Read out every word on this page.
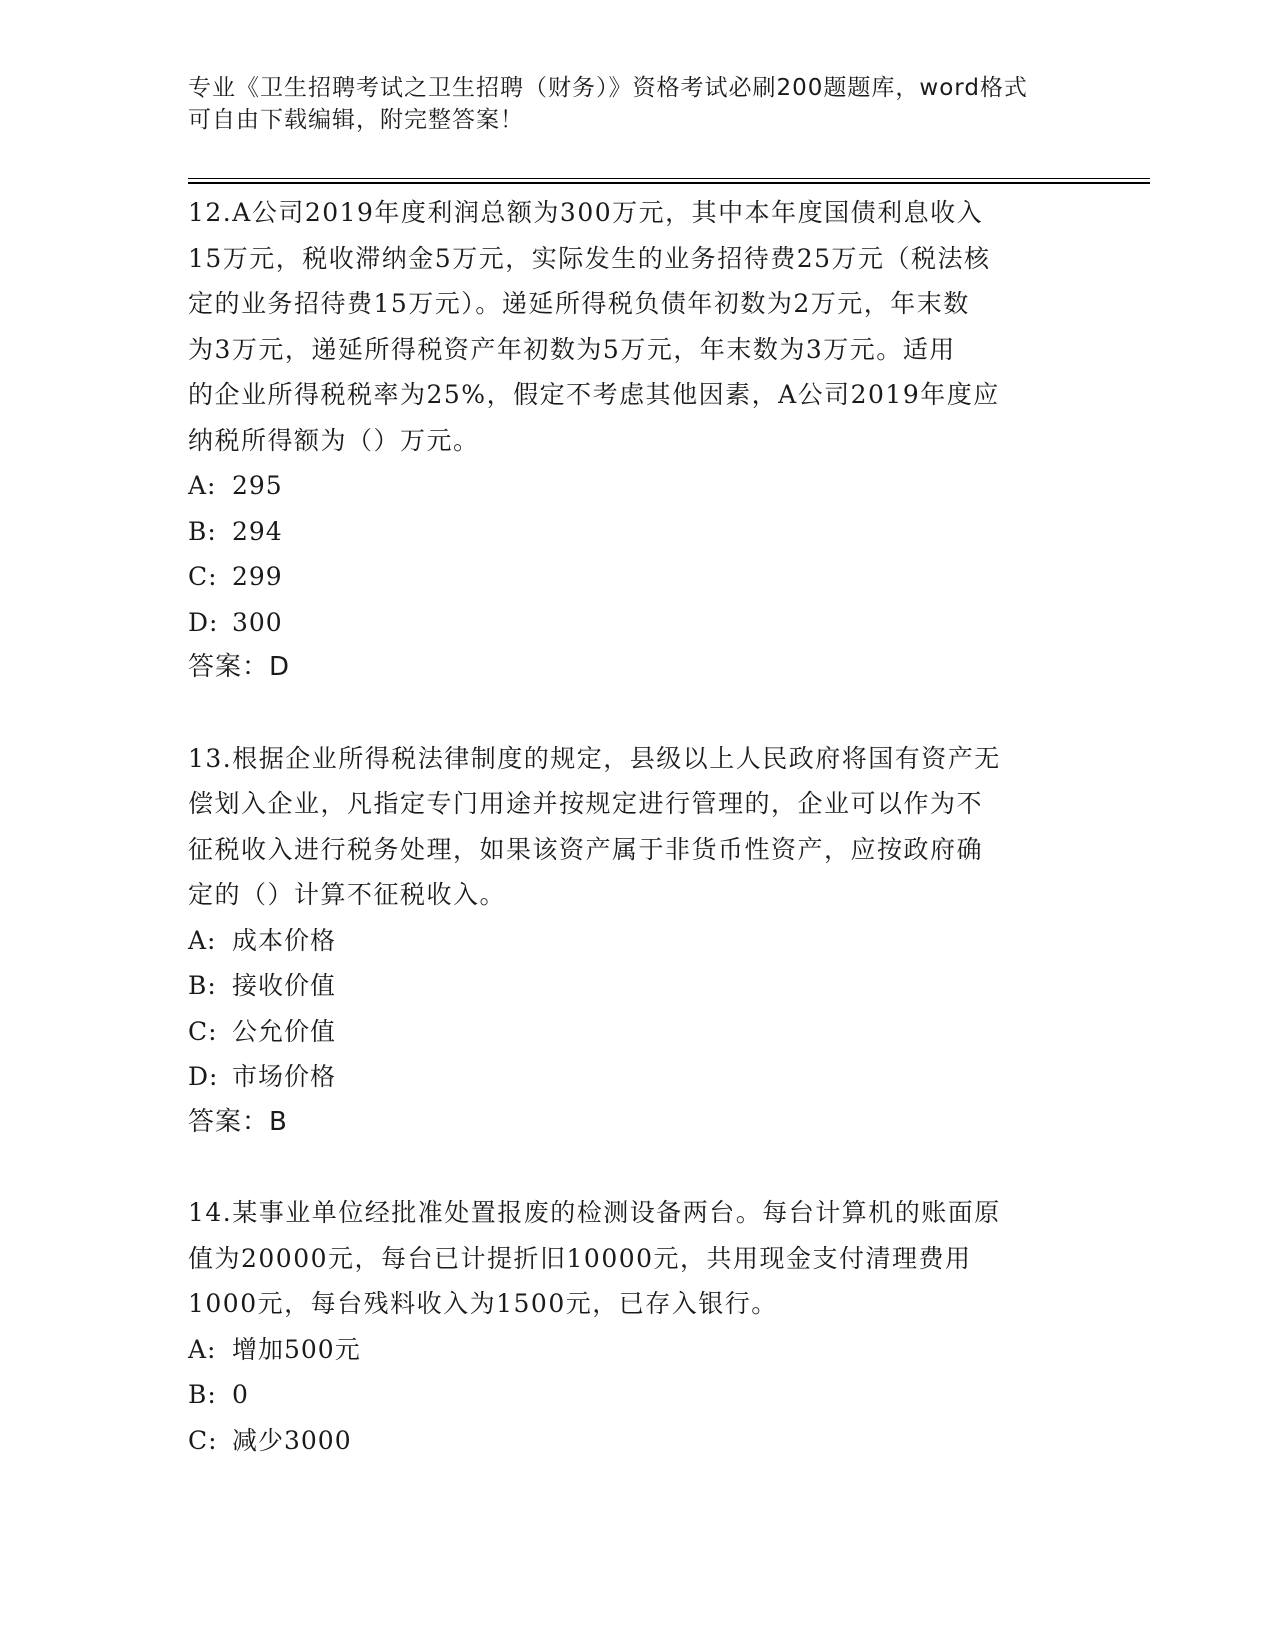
专业《卫生招聘考试之卫生招聘（财务）》资格考试必刷200题题库，word格式
可自由下载编辑，附完整答案！
12.A公司2019年度利润总额为300万元，其中本年度国债利息收入
15万元，税收滞纳金5万元，实际发生的业务招待费25万元（税法核
定的业务招待费15万元）。递延所得税负债年初数为2万元，年末数
为3万元，递延所得税资产年初数为5万元，年末数为3万元。适用
的企业所得税税率为25%，假定不考虑其他因素，A公司2019年度应
纳税所得额为（）万元。
A: 295
B: 294
C: 299
D: 300
答案：D
13.根据企业所得税法律制度的规定，县级以上人民政府将国有资产无
偿划入企业，凡指定专门用途并按规定进行管理的，企业可以作为不
征税收入进行税务处理，如果该资产属于非货币性资产，应按政府确
定的（）计算不征税收入。
A: 成本价格
B: 接收价值
C: 公允价值
D: 市场价格
答案：B
14.某事业单位经批准处置报废的检测设备两台。每台计算机的账面原
值为20000元，每台已计提折旧10000元，共用现金支付清理费用
1000元，每台残料收入为1500元，已存入银行。
A: 增加500元
B: 0
C: 减少3000
